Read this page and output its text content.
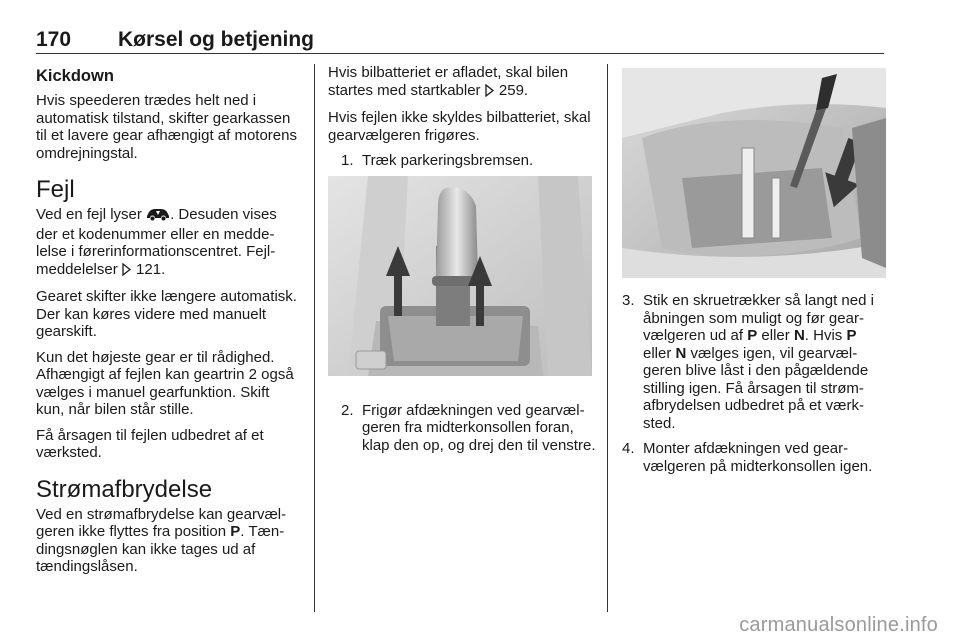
170 Kørsel og betjening
Kickdown

Hvis speederen trædes helt ned i automatisk tilstand, skifter gearkassen til et lavere gear afhængigt af motorens omdrejningstal.

Fejl

Ved en fejl lyser . Desuden vises der et kodenummer eller en meddelelse i førerinformationscentret. Fejlmeddelelser  121.

Gearet skifter ikke længere automatisk. Der kan køres videre med manuelt gearskift.

Kun det højeste gear er til rådighed. Afhængigt af fejlen kan geartrin 2 også vælges i manuel gearfunktion. Skift kun, når bilen står stille.

Få årsagen til fejlen udbedret af et værksted.

Strømafbrydelse

Ved en strømafbrydelse kan gearvælgeren ikke flyttes fra position P. Tændingsnøglen kan ikke tages ud af tændingslåsen.

Hvis bilbatteriet er afladet, skal bilen startes med startkabler  259.

Hvis fejlen ikke skyldes bilbatteriet, skal gearvælgeren frigøres.

1. Træk parkeringsbremsen.
2. Frigør afdækningen ved gearvælgeren fra midterkonsollen foran, klap den op, og drej den til venstre.
3. Stik en skruetrækker så langt ned i åbningen som muligt og før gearvælgeren ud af P eller N. Hvis P eller N vælges igen, vil gearvælgeren blive låst i den pågældende stilling igen. Få årsagen til strømafbrydelsen udbedret på et værksted.
4. Monter afdækningen ved gearvælgeren på midterkonsollen igen.
carmanualsonline.info
